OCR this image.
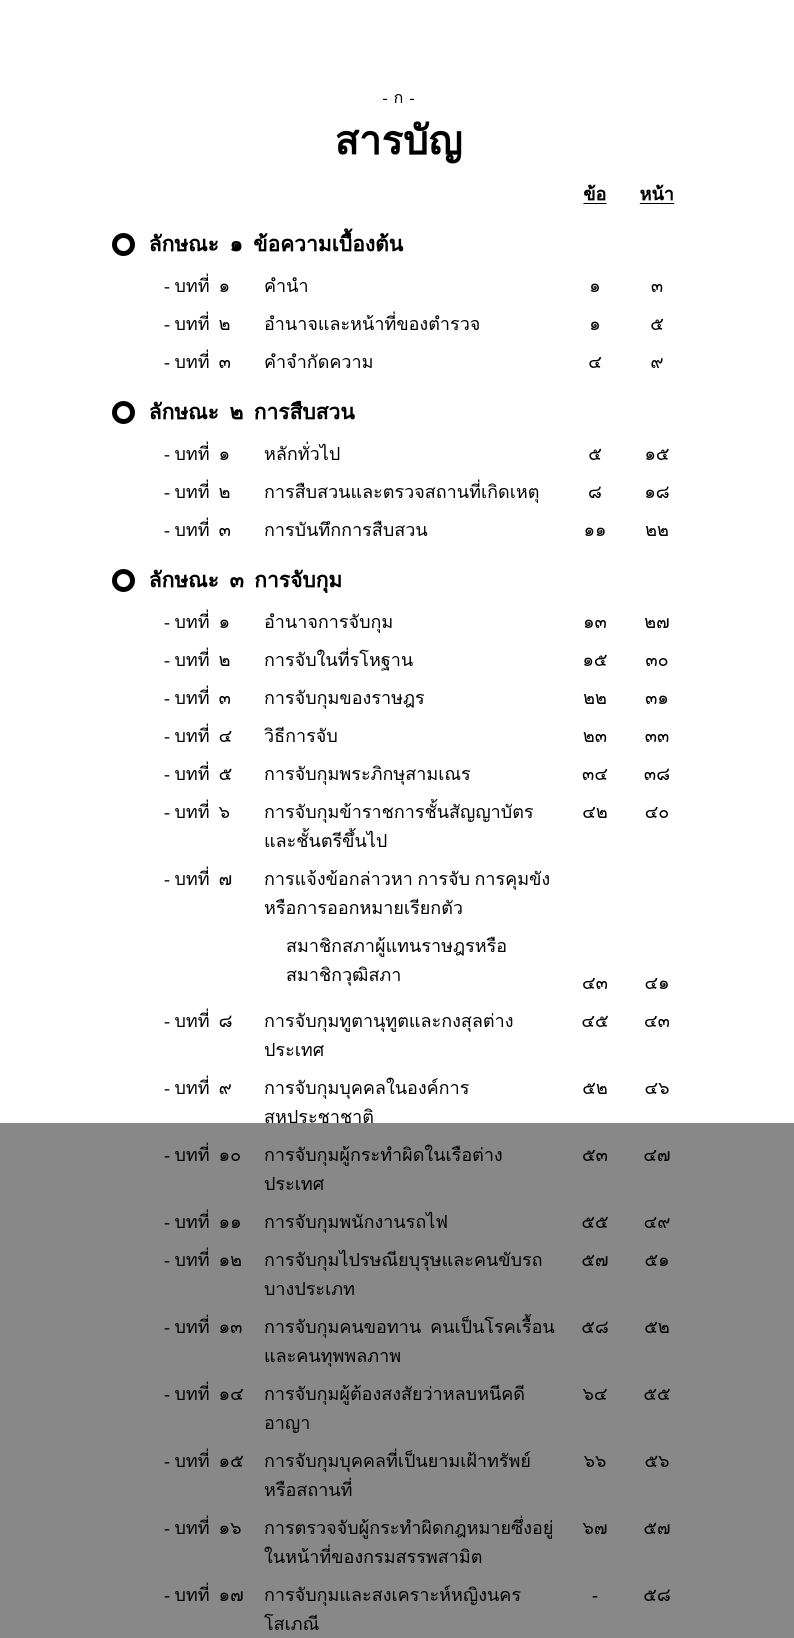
- ก -
สารบัญ
ข้อ	หน้า
ลักษณะ  ๑  ข้อความเบื้องต้น
- บทที่  ๑	คำนำ	๑	๓
- บทที่  ๒	อำนาจและหน้าที่ของตำรวจ	๑	๕
- บทที่  ๓	คำจำกัดความ	๔	๙
ลักษณะ  ๒  การสืบสวน
- บทที่  ๑	หลักทั่วไป	๕	๑๕
- บทที่  ๒	การสืบสวนและตรวจสถานที่เกิดเหตุ	๘	๑๘
- บทที่  ๓	การบันทึกการสืบสวน	๑๑	๒๒
ลักษณะ  ๓  การจับกุม
- บทที่  ๑	อำนาจการจับกุม	๑๓	๒๗
- บทที่  ๒	การจับในที่รโหฐาน	๑๕	๓๐
- บทที่  ๓	การจับกุมของราษฎร	๒๒	๓๑
- บทที่  ๔	วิธีการจับ	๒๓	๓๓
- บทที่  ๕	การจับกุมพระภิกษุสามเณร	๓๔	๓๘
- บทที่  ๖	การจับกุมข้าราชการชั้นสัญญาบัตรและชั้นตรีขึ้นไป
๔๒	๔๐
- บทที่  ๗	การแจ้งข้อกล่าวหา การจับ การคุมขังหรือการออกหมายเรียกตัว
สมาชิกสภาผู้แทนราษฎรหรือสมาชิกวุฒิสภา	๔๓	๔๑
- บทที่  ๘	การจับกุมทูตานุทูตและกงสุลต่างประเทศ
๔๕	๔๓
- บทที่  ๙	การจับกุมบุคคลในองค์การสหประชาชาติ
๕๒	๔๖
- บทที่  ๑๐	การจับกุมผู้กระทำผิดในเรือต่างประเทศ
๕๓	๔๗
- บทที่  ๑๑	การจับกุมพนักงานรถไฟ	๕๕	๔๙
- บทที่  ๑๒	การจับกุมไปรษณียบุรุษและคนขับรถบางประเภท
๕๗	๕๑
- บทที่  ๑๓	การจับกุมคนขอทาน  คนเป็นโรคเรื้อนและคนทุพพลภาพ
๕๘	๕๒
- บทที่  ๑๔	การจับกุมผู้ต้องสงสัยว่าหลบหนีคดีอาญา
๖๔	๕๕
- บทที่  ๑๕	การจับกุมบุคคลที่เป็นยามเฝ้าทรัพย์หรือสถานที่
๖๖	๕๖
- บทที่  ๑๖	การตรวจจับผู้กระทำผิดกฎหมายซึ่งอยู่ในหน้าที่ของกรมสรรพสามิต
๖๗	๕๗
- บทที่  ๑๗	การจับกุมและสงเคราะห์หญิงนครโสเภณี
-	๕๘
